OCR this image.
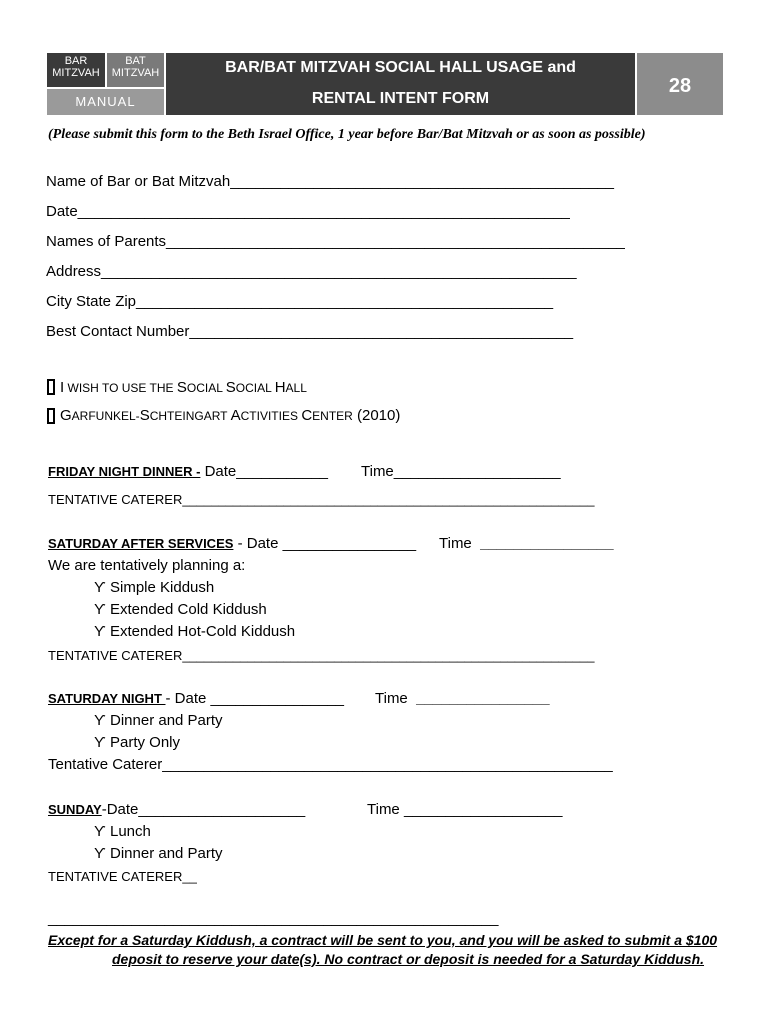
BAR
MITZVAH
BAT
MITZVAH
MANUAL
BAR/BAT MITZVAH SOCIAL HALL USAGE and
RENTAL INTENT FORM
28
(Please submit this form to the Beth Israel Office, 1 year before Bar/Bat Mitzvah or as soon as possible)
Name of Bar or Bat Mitzvah______________________________________________
Date___________________________________________________________
Names of Parents_______________________________________________________
Address_________________________________________________________
City State Zip__________________________________________________
Best Contact Number______________________________________________
I WISH TO USE THE SOCIAL SOCIAL HALL
GARFUNKEL-SCHTEINGART ACTIVITIES CENTER (2010)
FRIDAY NIGHT DINNER - Date___________ Time____________________
TENTATIVE CATERER_________________________________________________________
SATURDAY AFTER SERVICES - Date ________________ Time ________________
We are tentatively planning a:
ϒ Simple Kiddush
ϒ Extended Cold Kiddush
ϒ Extended Hot-Cold Kiddush
TENTATIVE CATERER_________________________________________________________
SATURDAY NIGHT - Date ________________ Time ________________
ϒ Dinner and Party
ϒ Party Only
Tentative Caterer______________________________________________________
SUNDAY-Date____________________	Time ___________________
ϒ Lunch
ϒ Dinner and Party
TENTATIVE CATERER__
______________________________________________________
Except for a Saturday Kiddush, a contract will be sent to you, and you will be asked to submit a $100
deposit to reserve your date(s). No contract or deposit is needed for a Saturday Kiddush.
